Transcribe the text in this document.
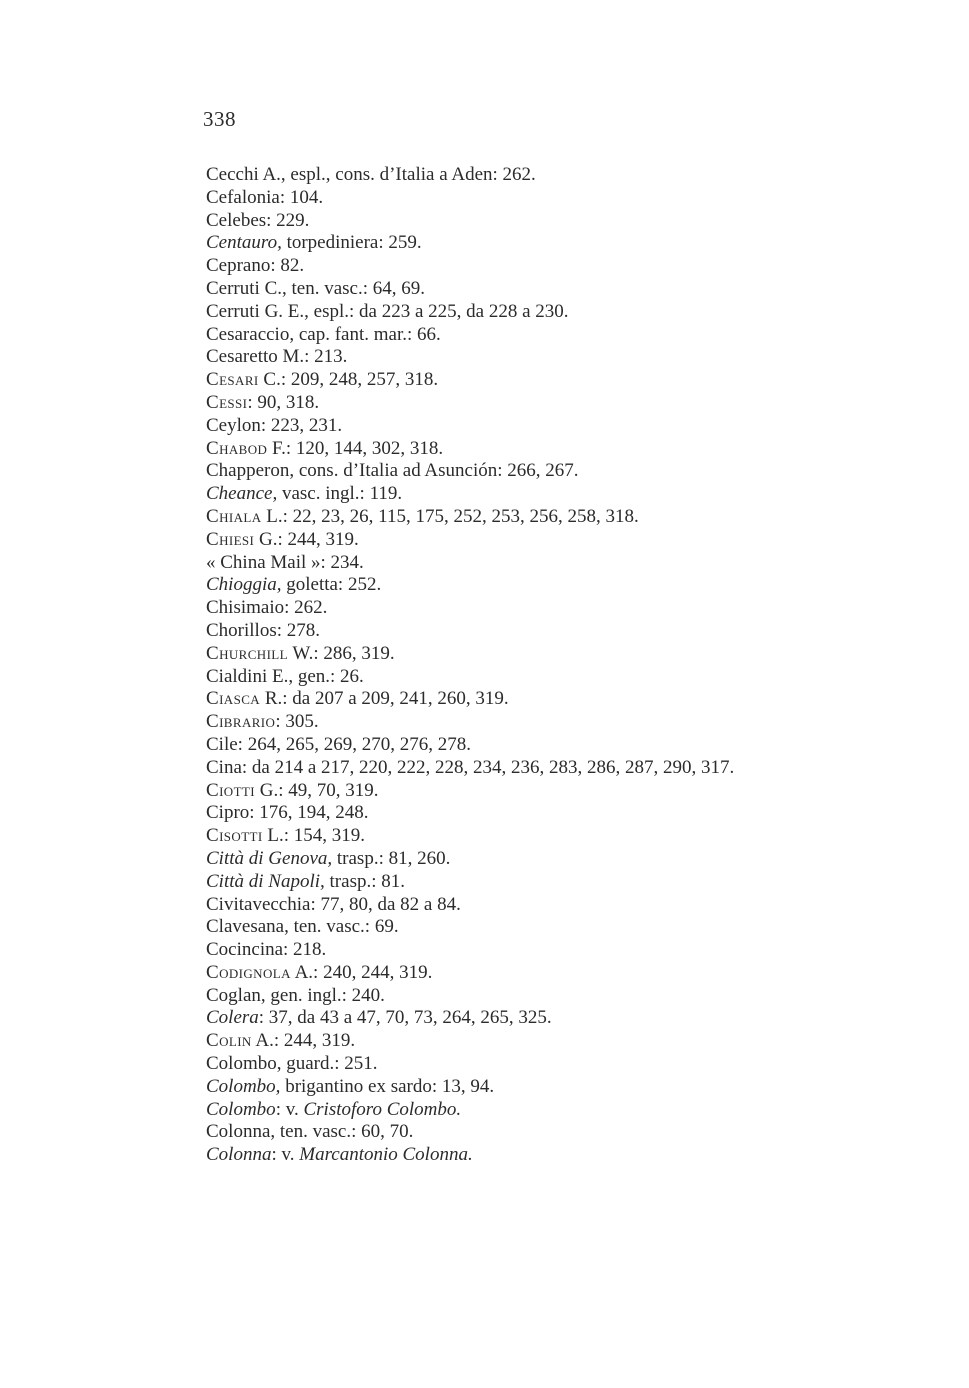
338
Cecchi A., espl., cons. d’Italia a Aden: 262.
Cefalonia: 104.
Celebes: 229.
Centauro, torpediniera: 259.
Ceprano: 82.
Cerruti C., ten. vasc.: 64, 69.
Cerruti G. E., espl.: da 223 a 225, da 228 a 230.
Cesaraccio, cap. fant. mar.: 66.
Cesaretto M.: 213.
Cesari C.: 209, 248, 257, 318.
Cessi : 90, 318.
Ceylon: 223, 231.
Chabod F.: 120, 144, 302, 318.
Chapperon, cons. d’Italia ad Asunción: 266, 267.
Cheance, vasc. ingl.: 119.
Chiala L.: 22, 23, 26, 115, 175, 252, 253, 256, 258, 318.
Chiesi G.: 244, 319.
« China Mail »: 234.
Chioggia, goletta: 252.
Chisimaio: 262.
Chorillos: 278.
Churchill W.: 286, 319.
Cialdini E., gen.: 26.
Ciasca R.: da 207 a 209, 241, 260, 319.
Cibrario : 305.
Cile: 264, 265, 269, 270, 276, 278.
Cina: da 214 a 217, 220, 222, 228, 234, 236, 283, 286, 287, 290, 317.
Ciotti G.: 49, 70, 319.
Cipro: 176, 194, 248.
Cisotti L.: 154, 319.
Città di Genova, trasp.: 81, 260.
Città di Napoli, trasp.: 81.
Civitavecchia: 77, 80, da 82 a 84.
Clavesana, ten. vasc.: 69.
Cocincina: 218.
Codignola A.: 240, 244, 319.
Coglan, gen. ingl.: 240.
Colera : 37, da 43 a 47, 70, 73, 264, 265, 325.
Colin A.: 244, 319.
Colombo, guard.: 251.
Colombo, brigantino ex sardo: 13, 94.
Colombo : v. Cristoforo Colombo.
Colonna, ten. vasc.: 60, 70.
Colonna : v. Marcantonio Colonna.
